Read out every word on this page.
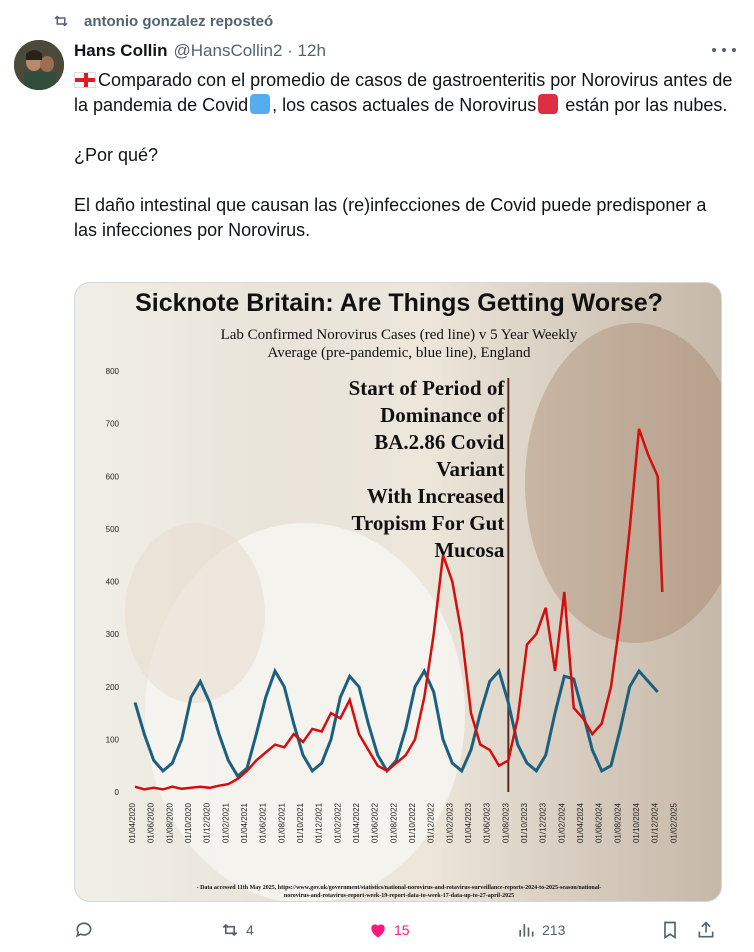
antonio gonzalez reposteó
Hans Collin @HansCollin2 · 12h

Comparado con el promedio de casos de gastroenteritis por Norovirus antes de la pandemia de Covid , los casos actuales de Norovirus están por las nubes.

¿Por qué?

El daño intestinal que causan las (re)infecciones de Covid puede predisponer a las infecciones por Norovirus.

Sicknote Britain: Are Things Getting Worse?
Lab Confirmed Norovirus Cases (red line) v 5 Year Weekly
Average (pre-pandemic, blue line), England
0
100
200
300
400
500
600
700
800
01/04/2020 01/06/2020 01/08/2020 01/10/2020 01/12/2020 01/02/2021 01/04/2021 01/06/2021 01/08/2021 01/10/2021 01/12/2021 01/02/2022 01/04/2022 01/06/2022 01/08/2022 01/10/2022 01/12/2022 01/02/2023 01/04/2023 01/06/2023 01/08/2023 01/10/2023 01/12/2023 01/02/2024 01/04/2024 01/06/2024 01/08/2024 01/10/2024 01/12/2024 01/02/2025
Start of Period of
Dominance of
BA.2.86 Covid
Variant
With Increased
Tropism For Gut
Mucosa
- Data accessed 11th May 2025, https://www.gov.uk/government/statistics/national-norovirus-and-rotavirus-surveillance-reports-2024-to-2025-season/national-
norovirus-and-rotavirus-report-week-19-report-data-to-week-17-data-up-to-27-april-2025
4	15	213
